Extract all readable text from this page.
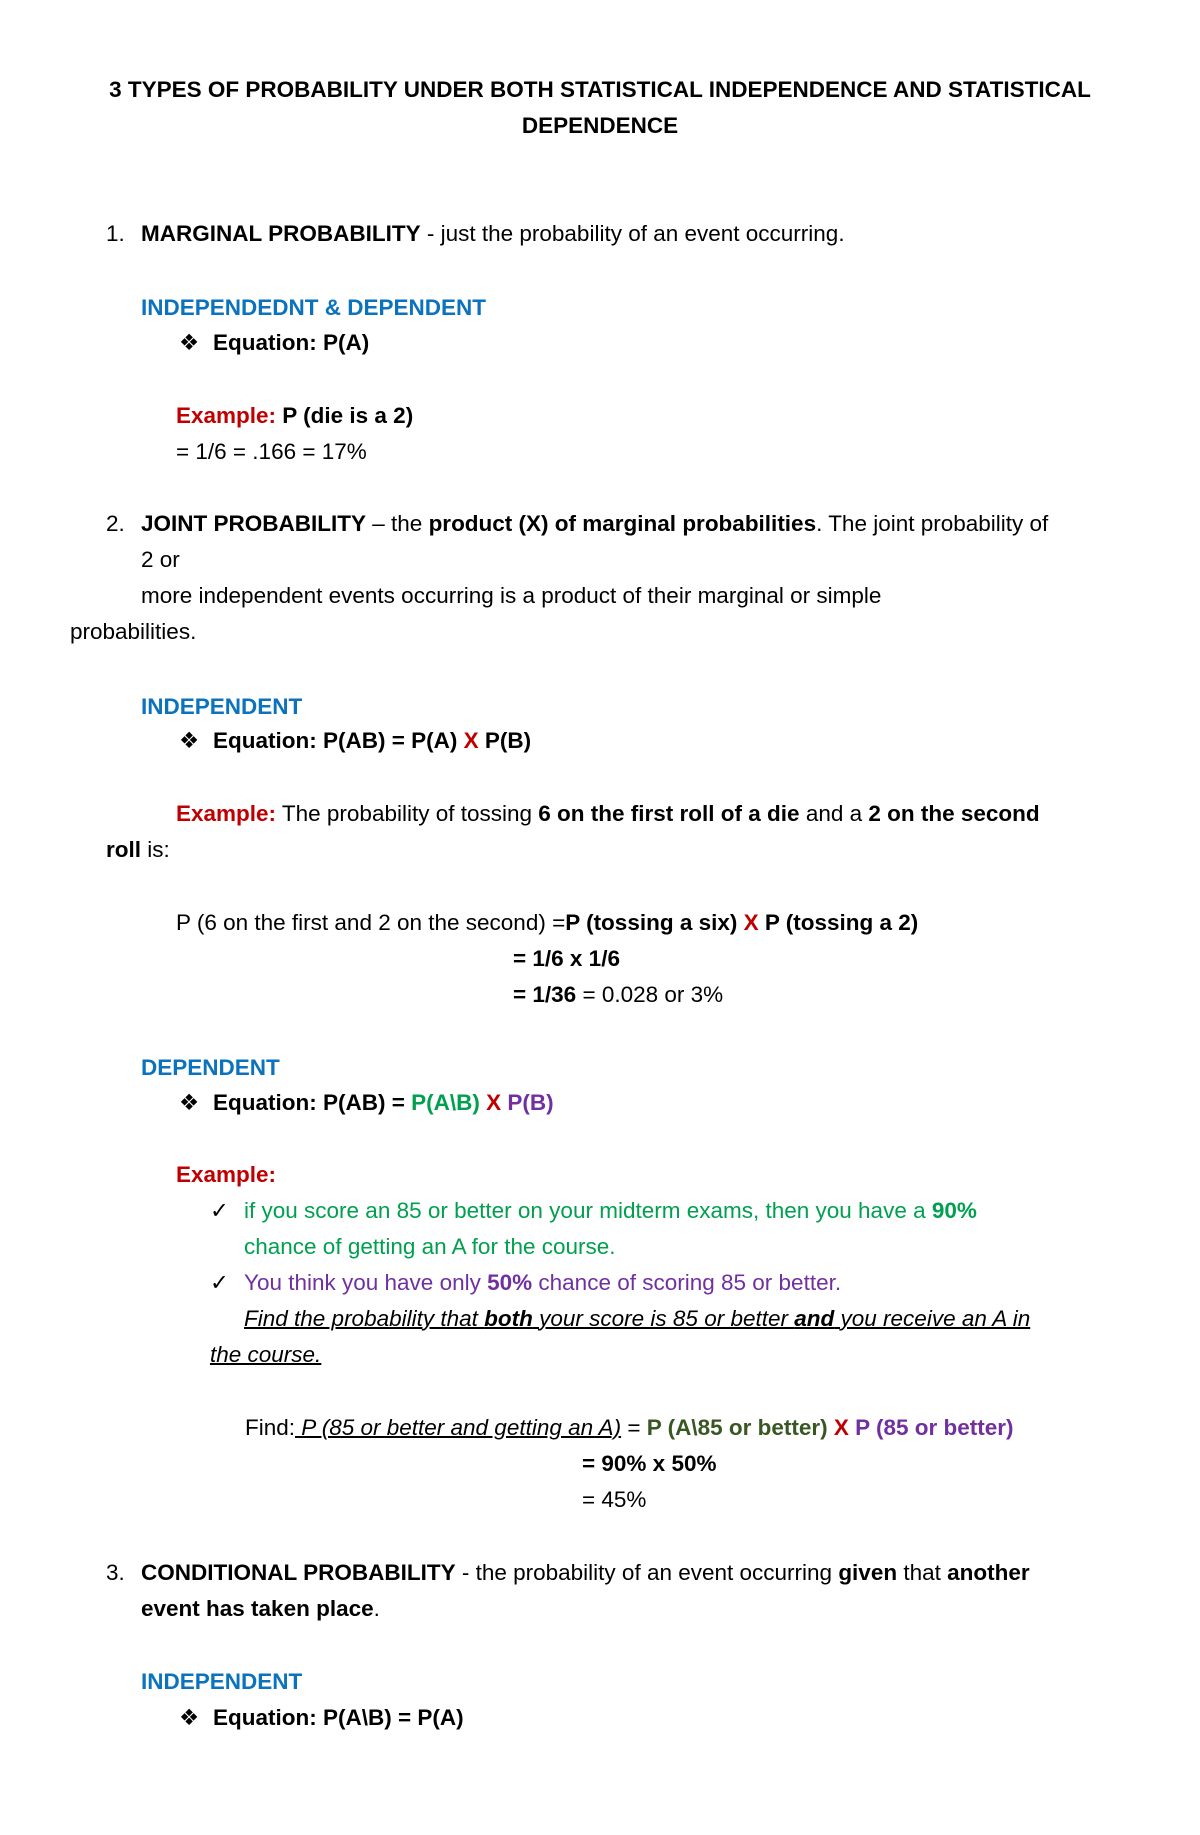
3 TYPES OF PROBABILITY UNDER BOTH STATISTICAL INDEPENDENCE AND STATISTICAL
DEPENDENCE
1. MARGINAL PROBABILITY - just the probability of an event occurring.
INDEPENDEDNT & DEPENDENT
❖ Equation: P(A)
Example: P (die is a 2)
= 1/6 = .166 = 17%
2. JOINT PROBABILITY – the product (X) of marginal probabilities. The joint probability of
2 or
more independent events occurring is a product of their marginal or simple
probabilities.
INDEPENDENT
❖ Equation: P(AB) = P(A) X P(B)
Example: The probability of tossing 6 on the first roll of a die and a 2 on the second
roll is:
P (6 on the first and 2 on the second) =P (tossing a six) X P (tossing a 2)
= 1/6 x 1/6
= 1/36 = 0.028 or 3%
DEPENDENT
❖ Equation: P(AB) = P(A\B) X P(B)
Example:
✓ if you score an 85 or better on your midterm exams, then you have a 90%
chance of getting an A for the course.
✓ You think you have only 50% chance of scoring 85 or better.
Find the probability that both your score is 85 or better and you receive an A in
the course.
Find: P (85 or better and getting an A) = P (A\85 or better) X P (85 or better)
= 90% x 50%
= 45%
3. CONDITIONAL PROBABILITY - the probability of an event occurring given that another
event has taken place.
INDEPENDENT
❖ Equation: P(A\B) = P(A)
